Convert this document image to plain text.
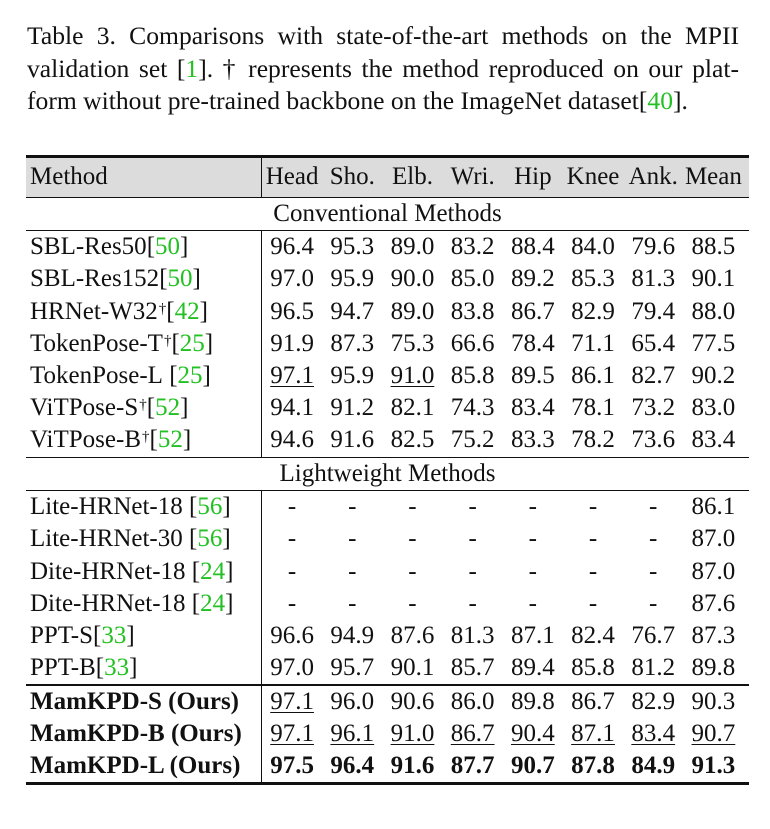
Table 3. Comparisons with state-of-the-art methods on the MPII
validation set [1]. † represents the method reproduced on our plat-
form without pre-trained backbone on the ImageNet dataset[40].
Method	Head Sho. Elb. Wri. Hip Knee Ank. Mean
Conventional Methods
SBL-Res50 [ 50 ]	96.4 95.3 89.0 83.2 88.4 84.0 79.6 88.5
SBL-Res152 [ 50 ]	97.0 95.9 90.0 85.0 89.2 85.3 81.3 90.1
HRNet-W32† [ 42 ]	96.5 94.7 89.0 83.8 86.7 82.9 79.4 88.0
TokenPose-T† [ 25 ]	91.9 87.3 75.3 66.6 78.4 71.1 65.4 77.5
TokenPose-L [ 25 ]	97.1 95.9 91.0 85.8 89.5 86.1 82.7 90.2
ViTPose-S† [ 52 ]	94.1 91.2 82.1 74.3 83.4 78.1 73.2 83.0
ViTPose-B† [ 52 ]	94.6 91.6 82.5 75.2 83.3 78.2 73.6 83.4
Lightweight Methods
Lite-HRNet-18 [ 56 ]	-	-	-	-	-	-	-	86.1
Lite-HRNet-30 [ 56 ]	-	-	-	-	-	-	-	87.0
Dite-HRNet-18 [ 24 ]	-	-	-	-	-	-	-	87.0
Dite-HRNet-18 [ 24 ]	-	-	-	-	-	-	-	87.6
PPT-S [ 33 ]	96.6 94.9 87.6 81.3 87.1 82.4 76.7 87.3
PPT-B [ 33 ]	97.0 95.7 90.1 85.7 89.4 85.8 81.2 89.8
MamKPD-S (Ours)	97.1 96.0 90.6 86.0 89.8 86.7 82.9 90.3
MamKPD-B (Ours)	97.1 96.1 91.0 86.7 90.4 87.1 83.4 90.7
MamKPD-L (Ours)	97.5 96.4 91.6 87.7 90.7 87.8 84.9 91.3
